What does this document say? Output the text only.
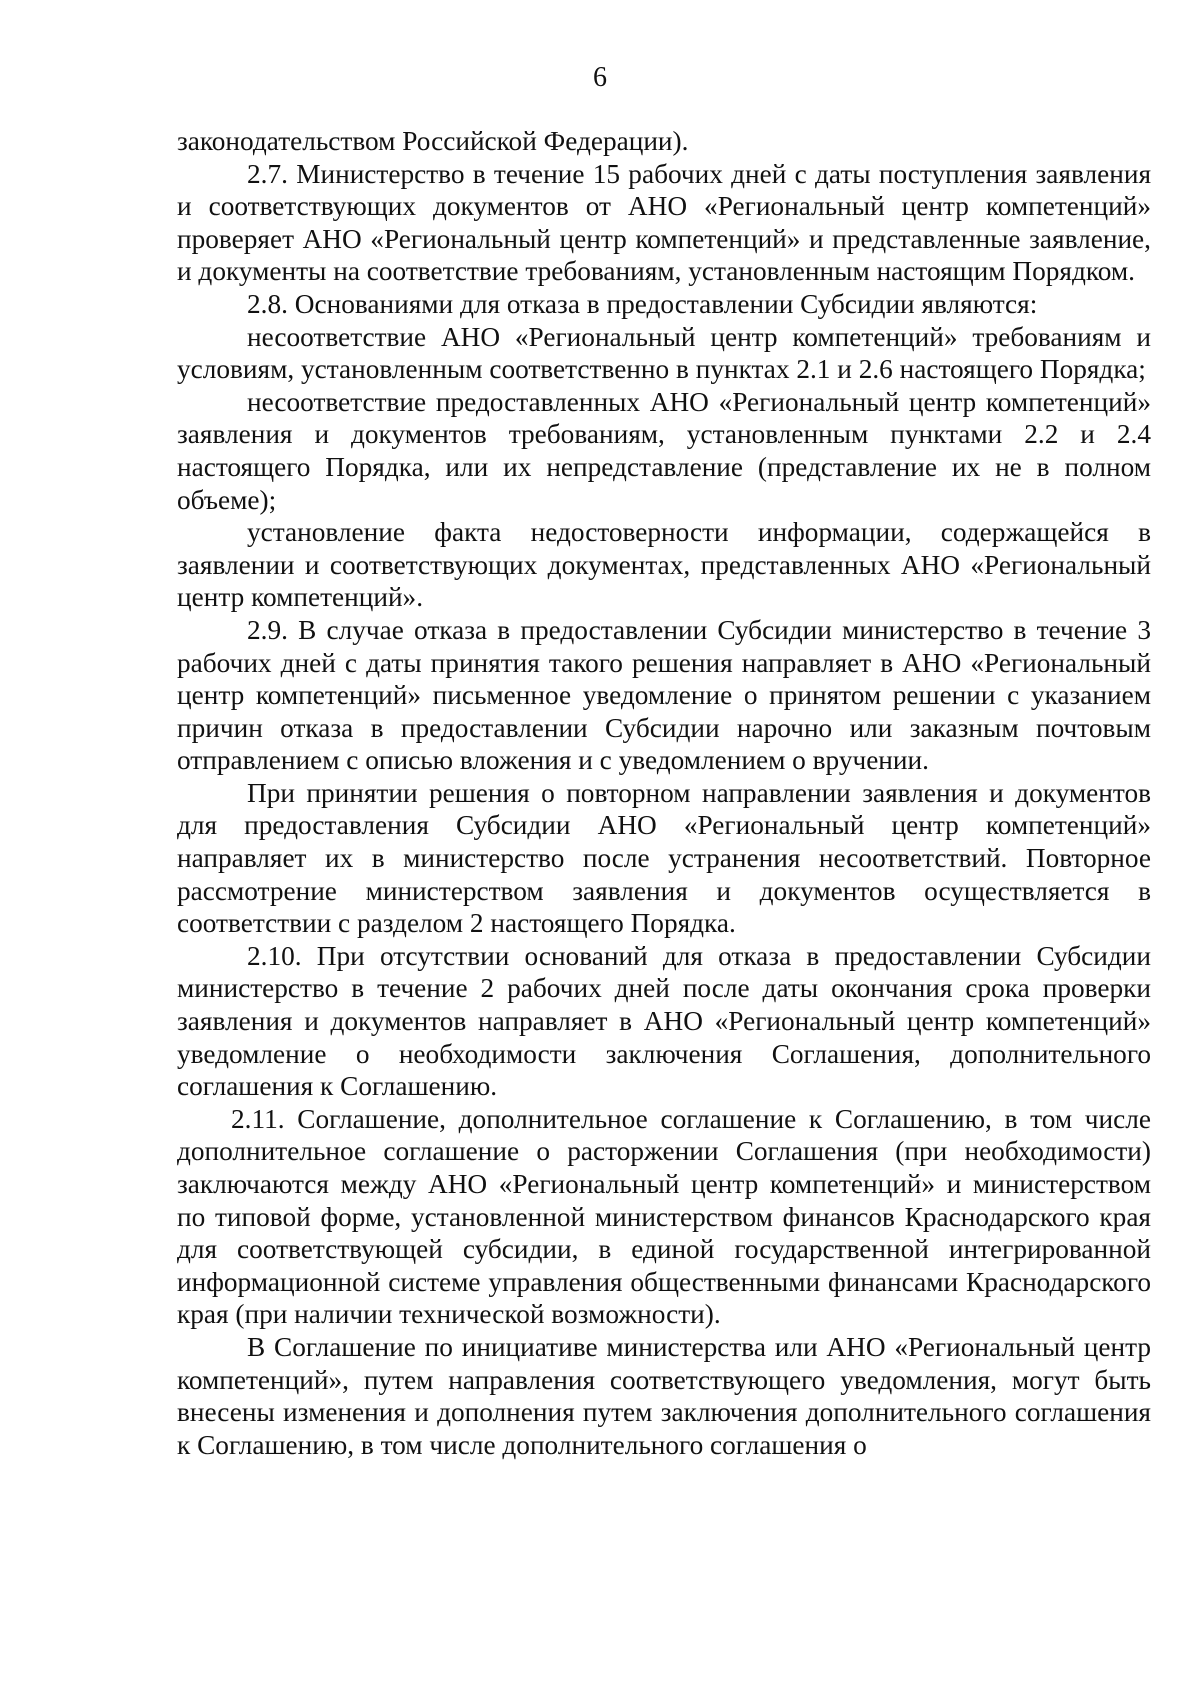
6

законодательством Российской Федерации).

2.7. Министерство в течение 15 рабочих дней с даты поступления заявления и соответствующих документов от АНО «Региональный центр компетенций» проверяет АНО «Региональный центр компетенций» и представленные заявление, и документы на соответствие требованиям, установленным настоящим Порядком.

2.8. Основаниями для отказа в предоставлении Субсидии являются:

несоответствие АНО «Региональный центр компетенций» требованиям и условиям, установленным соответственно в пунктах 2.1 и 2.6 настоящего Порядка;

несоответствие предоставленных АНО «Региональный центр компетенций» заявления и документов требованиям, установленным пунктами 2.2 и 2.4 настоящего Порядка, или их непредставление (представление их не в полном объеме);

установление факта недостоверности информации, содержащейся в заявлении и соответствующих документах, представленных АНО «Региональный центр компетенций».

2.9. В случае отказа в предоставлении Субсидии министерство в течение 3 рабочих дней с даты принятия такого решения направляет в АНО «Региональный центр компетенций» письменное уведомление о принятом решении с указанием причин отказа в предоставлении Субсидии нарочно или заказным почтовым отправлением с описью вложения и с уведомлением о вручении.

При принятии решения о повторном направлении заявления и документов для предоставления Субсидии АНО «Региональный центр компетенций» направляет их в министерство после устранения несоответствий. Повторное рассмотрение министерством заявления и документов осуществляется в соответствии с разделом 2 настоящего Порядка.

2.10. При отсутствии оснований для отказа в предоставлении Субсидии министерство в течение 2 рабочих дней после даты окончания срока проверки заявления и документов направляет в АНО «Региональный центр компетенций» уведомление о необходимости заключения Соглашения, дополнительного соглашения к Соглашению.

2.11. Соглашение, дополнительное соглашение к Соглашению, в том числе дополнительное соглашение о расторжении Соглашения (при необходимости) заключаются между АНО «Региональный центр компетенций» и министерством по типовой форме, установленной министерством финансов Краснодарского края для соответствующей субсидии, в единой государственной интегрированной информационной системе управления общественными финансами Краснодарского края (при наличии технической возможности).

В Соглашение по инициативе министерства или АНО «Региональный центр компетенций», путем направления соответствующего уведомления, могут быть внесены изменения и дополнения путем заключения дополнительного соглашения к Соглашению, в том числе дополнительного соглашения о
